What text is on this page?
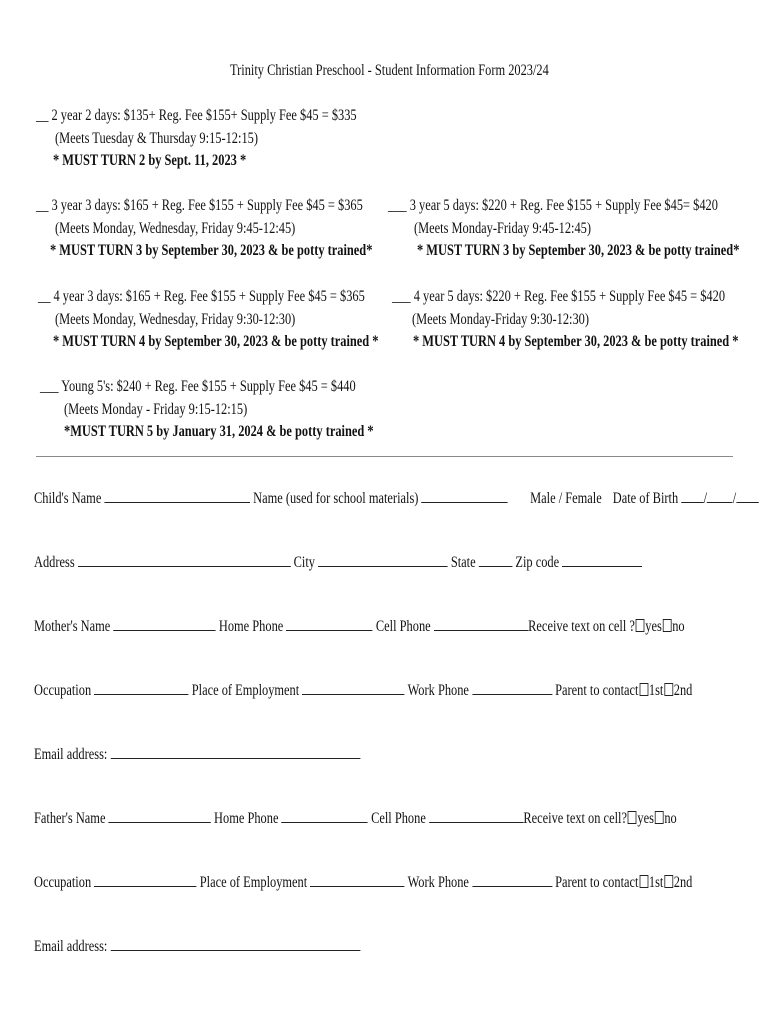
Trinity Christian Preschool - Student Information Form 2023/24
__ 2 year 2 days: $135+ Reg. Fee $155+ Supply Fee $45 = $335
(Meets Tuesday & Thursday 9:15-12:15)
* MUST TURN 2 by Sept. 11, 2023 *
__ 3 year 3 days: $165 + Reg. Fee $155 + Supply Fee $45 = $365
(Meets Monday, Wednesday, Friday 9:45-12:45)
* MUST TURN 3 by September 30, 2023 & be potty trained*
___ 3 year 5 days: $220 + Reg. Fee $155 + Supply Fee $45= $420
(Meets Monday-Friday 9:45-12:45)
* MUST TURN 3 by September 30, 2023 & be potty trained*
__ 4 year 3 days: $165 + Reg. Fee $155 + Supply Fee $45 = $365
(Meets Monday, Wednesday, Friday 9:30-12:30)
* MUST TURN 4 by September 30, 2023 & be potty trained *
___ 4 year 5 days: $220 + Reg. Fee $155 + Supply Fee $45 = $420
(Meets Monday-Friday 9:30-12:30)
* MUST TURN 4 by September 30, 2023 & be potty trained *
___ Young 5's: $240 + Reg. Fee $155 + Supply Fee $45 = $440
(Meets Monday - Friday 9:15-12:15)
*MUST TURN 5 by January 31, 2024 & be potty trained *
Child's Name	Name (used for school materials)	Male / Female Date of Birth / /
Address	City	State	Zip code
Mother's Name	Home Phone	Cell Phone	Receive text on cell ? yes no
Occupation	Place of Employment	Work Phone	Parent to contact 1st 2nd
Email address:
Father's Name	Home Phone	Cell Phone	Receive text on cell? yes no
Occupation	Place of Employment	Work Phone	Parent to contact 1st 2nd
Email address:
